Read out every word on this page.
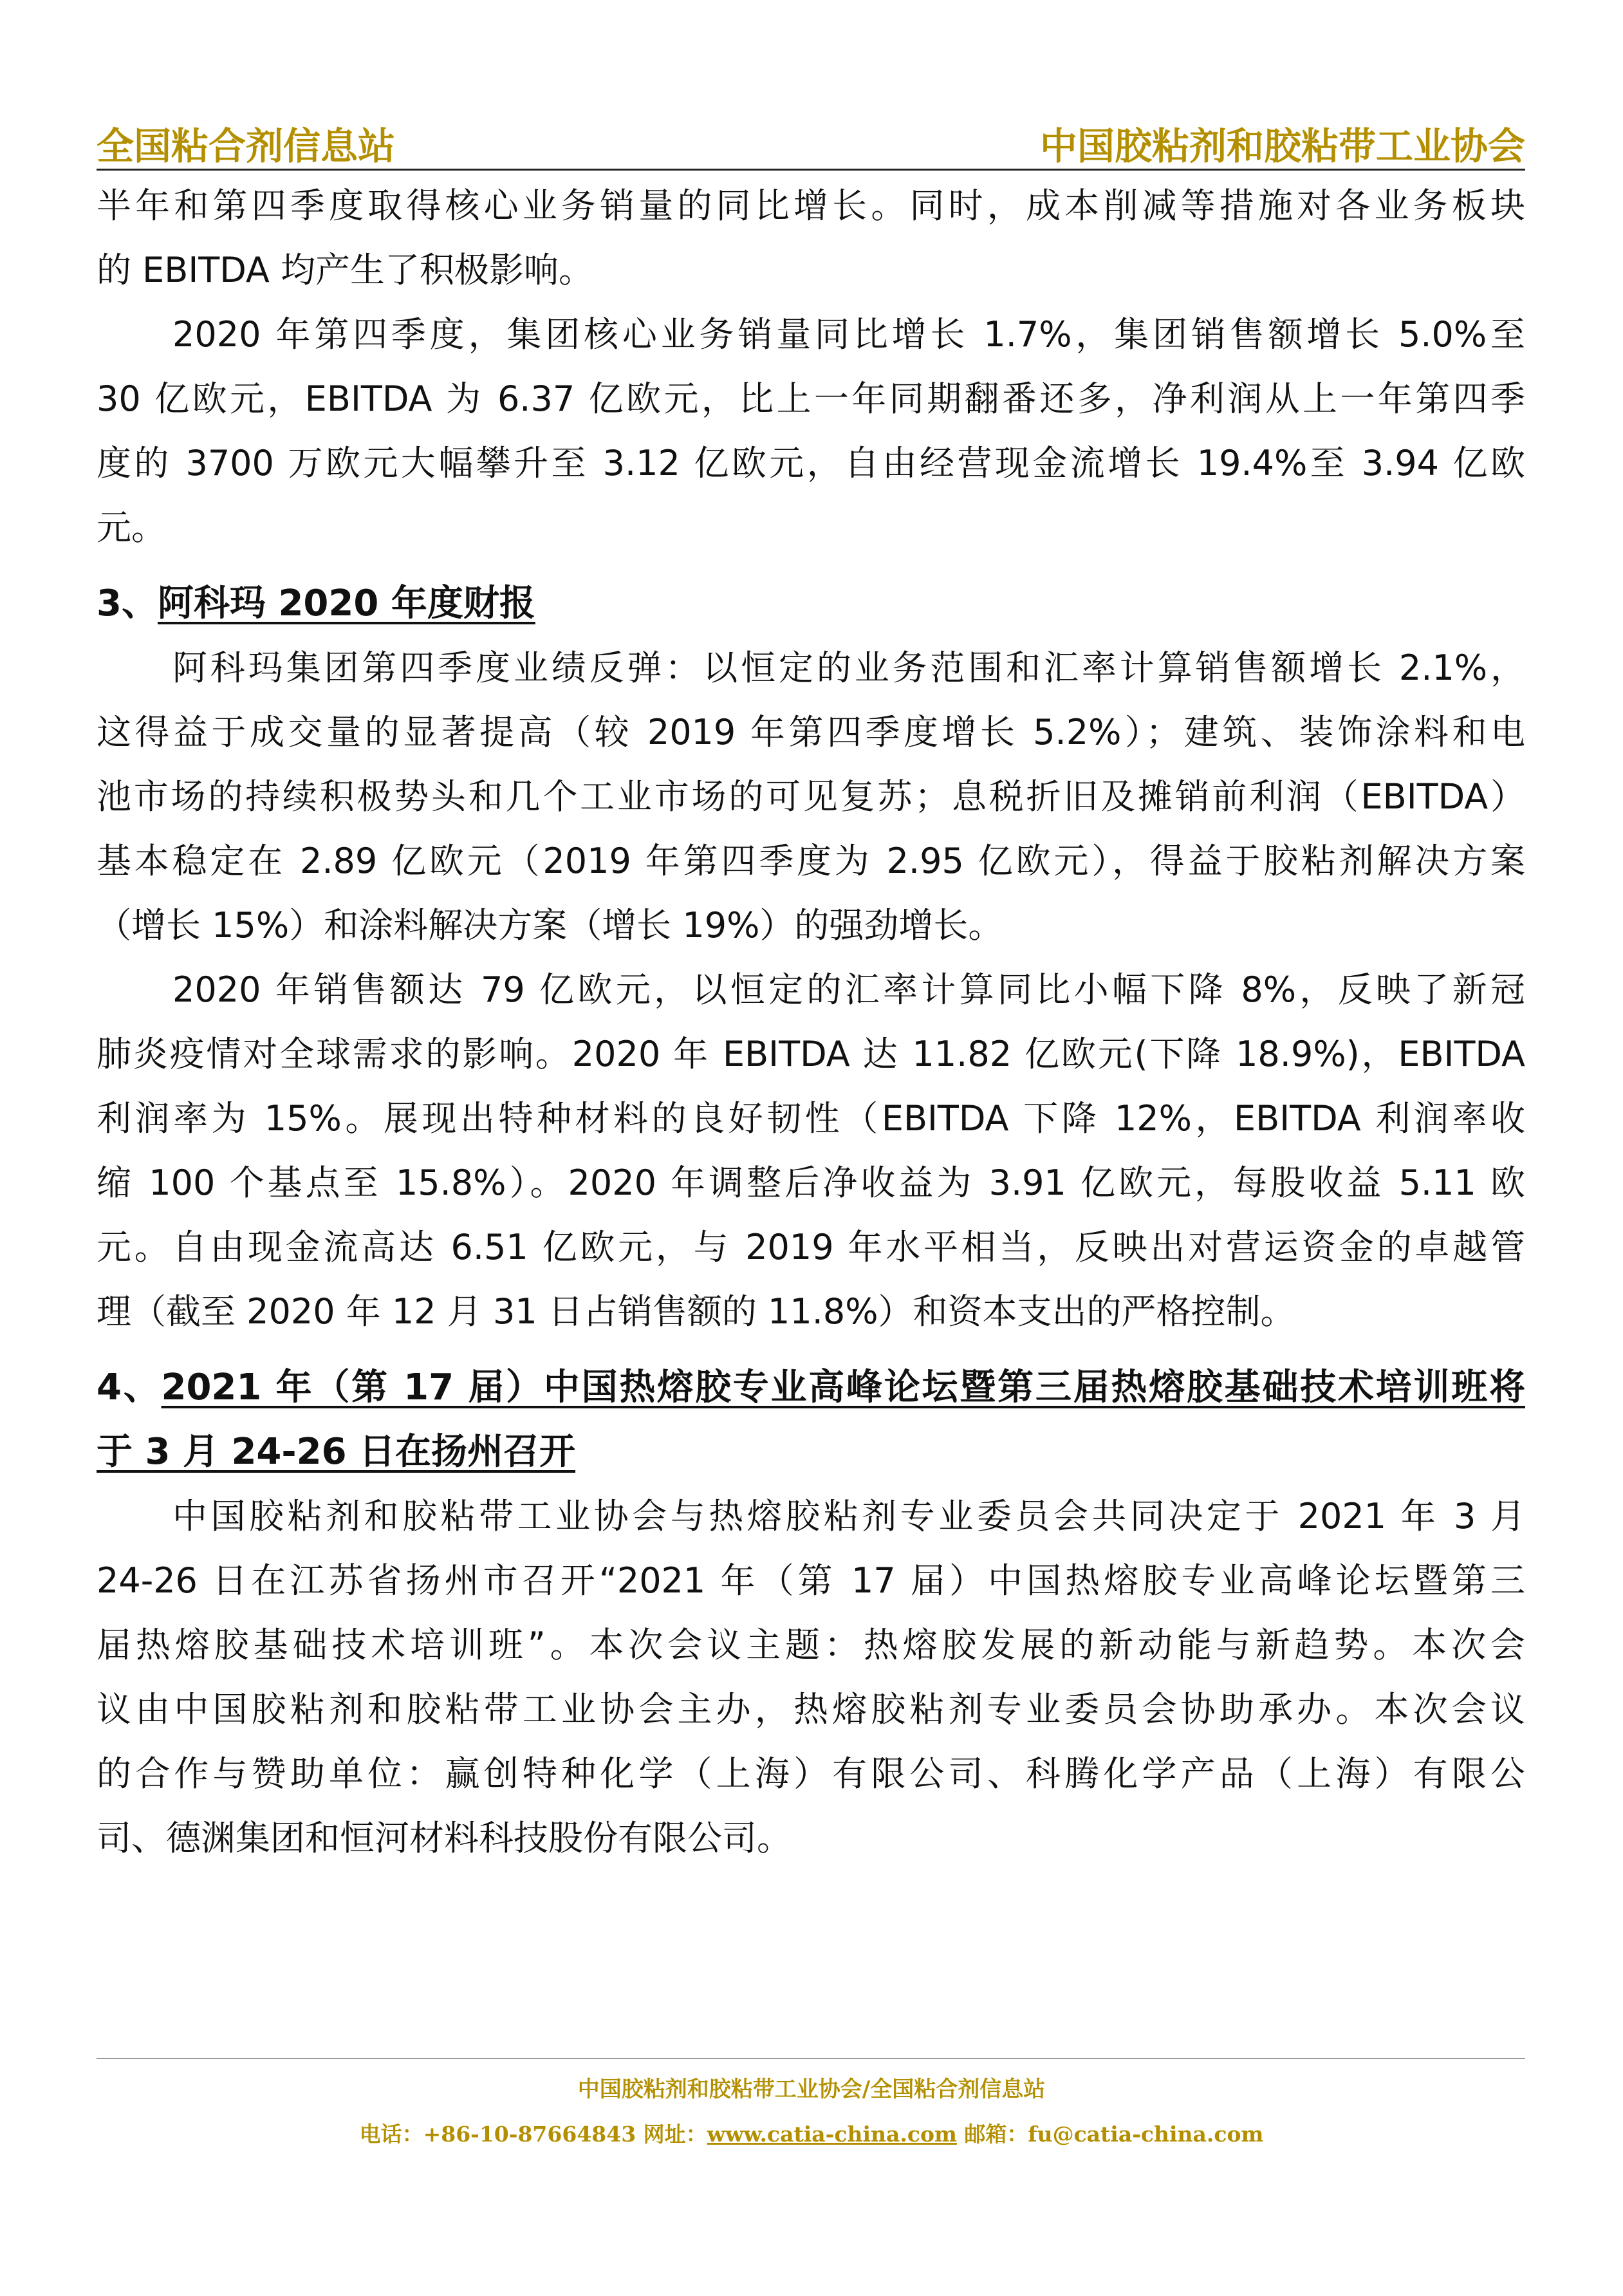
全国粘合剂信息站	中国胶粘剂和胶粘带工业协会
半年和第四季度取得核心业务销量的同比增长。同时，成本削减等措施对各业务板块
的 EBITDA 均产生了积极影响。
2020 年第四季度，集团核心业务销量同比增长 1.7%，集团销售额增长 5.0%至
30 亿欧元，EBITDA 为 6.37 亿欧元，比上一年同期翻番还多，净利润从上一年第四季
度的 3700 万欧元大幅攀升至 3.12 亿欧元，自由经营现金流增长 19.4%至 3.94 亿欧
元。
3、阿科玛 2020 年度财报
阿科玛集团第四季度业绩反弹：以恒定的业务范围和汇率计算销售额增长 2.1%，
这得益于成交量的显著提高（较 2019 年第四季度增长 5.2%）；建筑、装饰涂料和电
池市场的持续积极势头和几个工业市场的可见复苏；息税折旧及摊销前利润（EBITDA）
基本稳定在 2.89 亿欧元（2019 年第四季度为 2.95 亿欧元），得益于胶粘剂解决方案
（增长 15%）和涂料解决方案（增长 19%）的强劲增长。
2020 年销售额达 79 亿欧元，以恒定的汇率计算同比小幅下降 8%，反映了新冠
肺炎疫情对全球需求的影响。2020 年 EBITDA 达 11.82 亿欧元(下降 18.9%)，EBITDA
利润率为 15%。展现出特种材料的良好韧性（EBITDA 下降 12%，EBITDA 利润率收
缩 100 个基点至 15.8%）。2020 年调整后净收益为 3.91 亿欧元，每股收益 5.11 欧
元。自由现金流高达 6.51 亿欧元，与 2019 年水平相当，反映出对营运资金的卓越管
理（截至 2020 年 12 月 31 日占销售额的 11.8%）和资本支出的严格控制。
4、2021 年（第 17 届）中国热熔胶专业高峰论坛暨第三届热熔胶基础技术培训班将
于 3 月 24-26 日在扬州召开
中国胶粘剂和胶粘带工业协会与热熔胶粘剂专业委员会共同决定于 2021 年 3 月
24-26 日在江苏省扬州市召开“2021 年（第 17 届）中国热熔胶专业高峰论坛暨第三
届热熔胶基础技术培训班”。本次会议主题：热熔胶发展的新动能与新趋势。本次会
议由中国胶粘剂和胶粘带工业协会主办，热熔胶粘剂专业委员会协助承办。本次会议
的合作与赞助单位：赢创特种化学（上海）有限公司、科腾化学产品（上海）有限公
司、德渊集团和恒河材料科技股份有限公司。
中国胶粘剂和胶粘带工业协会/全国粘合剂信息站
电话：+86-10-87664843 网址：www.catia-china.com 邮箱：fu@catia-china.com
